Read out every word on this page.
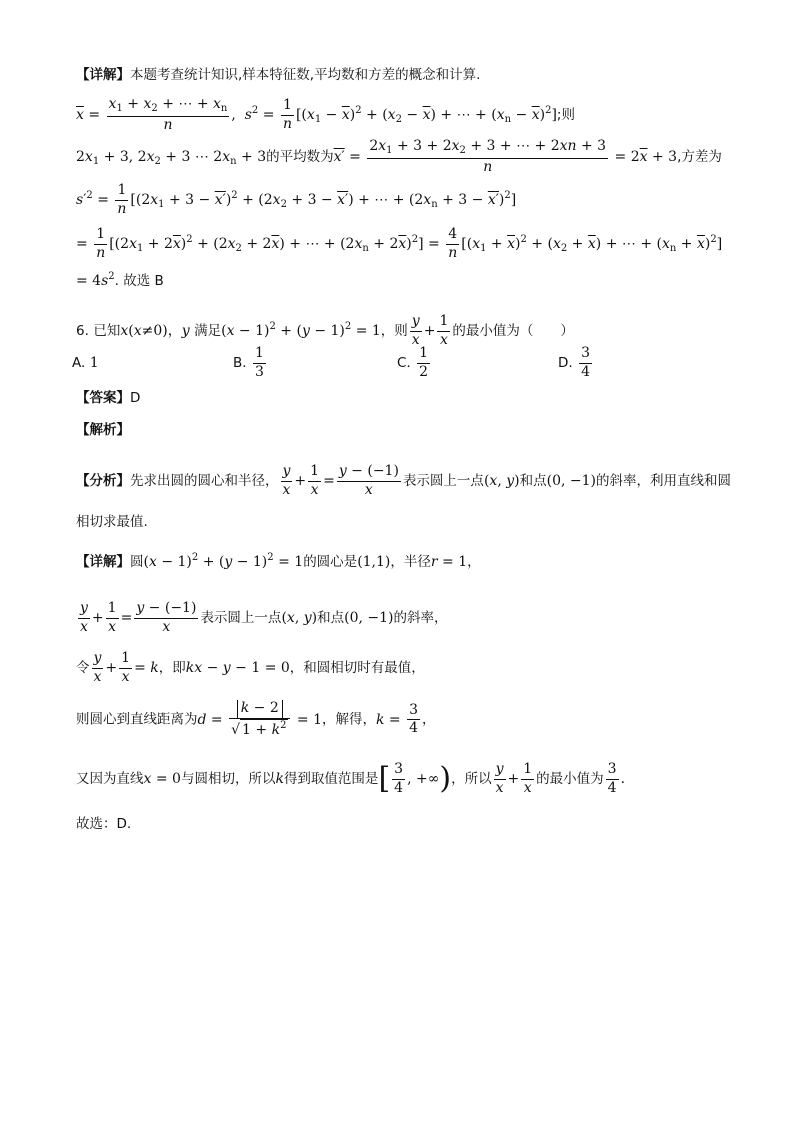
【详解】本题考查统计知识,样本特征数,平均数和方差的概念和计算.
$\overline{x} = \frac{x_1 + x_2 + \cdots + x_n}{n}$ ,  $s^2 = \frac{1}{n} [(x_1 - \overline{x})^2 + (x_2 - \overline{x})$ + ⋯ + $(x_n - \overline{x})^2$];则
$2x_1 + 3$, $2x_2 + 3$ ⋯ $2x_n + 3$的平均数为$x' = \frac{2x_1 + 3 + 2x_2 + 3 + \cdots + 2xn + 3}{n} = 2\overline{x} + 3$,方差为
$s'^2 = \frac{1}{n} [(2x_1 + 3 - x')^2 + (2x_2 + 3 - x')$ + ⋯ + $(2x_n + 3 - x')^2$]
= $\frac{1}{n} [(2x_1 + 2\overline{x})^2 + (2x_2 + 2\overline{x})$ + ⋯ + $(2x_n + 2\overline{x})^2] = \frac{4}{n} [(x_1 + \overline{x})^2 + (x_2 + \overline{x})$ + ⋯ + $(x_n + \overline{x})^2$]
= $4s^2$. 故选 B
6. 已知x(x≠0)，y 满足$(x - 1)^2 + (y - 1)^2 = 1$，则 $\frac{y}{x} + \frac{1}{x}$ 的最小值为（　　）
A. 1	B. $\frac{1}{3}$	C. $\frac{1}{2}$	D. $\frac{3}{4}$
【答案】D
【解析】
【分析】先求出圆的圆心和半径， $\frac{y}{x} + \frac{1}{x} = \frac{y - (-1)}{x}$ 表示圆上一点(x, y)和点(0, −1)的斜率，利用直线和圆
相切求最值.
【详解】圆$(x - 1)^2 + (y - 1)^2 = 1$的圆心是(1,1)，半径r = 1，
$\frac{y}{x} + \frac{1}{x} = \frac{y - (-1)}{x}$ 表示圆上一点(x, y)和点(0, −1)的斜率，
令 $\frac{y}{x} + \frac{1}{x} = k$，即kx − y − 1 = 0，和圆相切时有最值，
则圆心到直线距离为$d = \frac{k - 2}{√ 1 + k^2} = 1$，解得，$k = \frac{3}{4}$ ，
又因为直线x = 0与圆相切，所以k得到取值范围是[ $\frac{3}{4}$ , +∞)，所以 $\frac{y}{x} + \frac{1}{x}$ 的最小值为 $\frac{3}{4}$ .
故选：D.
